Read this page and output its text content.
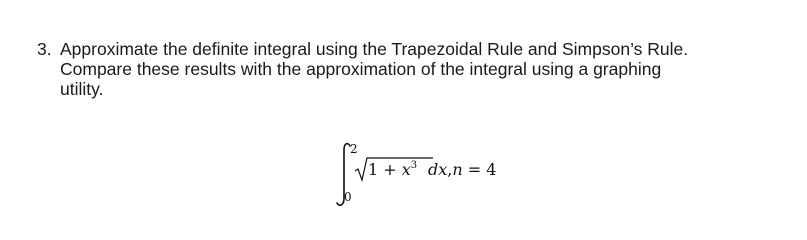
3. Approximate the definite integral using the Trapezoidal Rule and Simpson’s Rule.
Compare these results with the approximation of the integral using a graphing
utility.
2
0
$1 + x^3$ dx,n = 4
